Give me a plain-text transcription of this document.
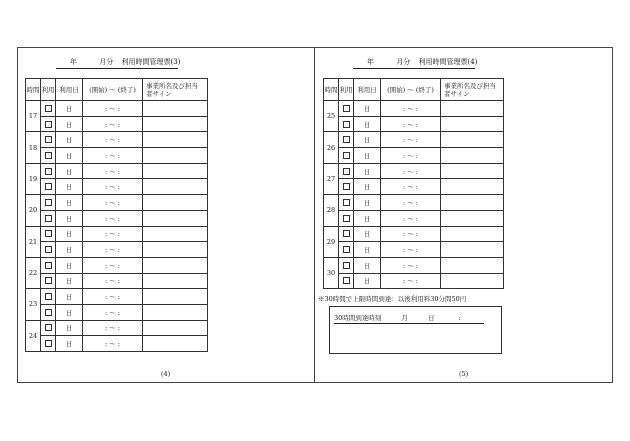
年	月分 利用時間管理票(3)
時間	利用	利用日	(開始) ～ (終了)	事業所名及び担当者サイン

17		日	: ～ :	
		日	: ～ :	
18		日	: ～ :	
		日	: ～ :	
19		日	: ～ :	
		日	: ～ :	
20		日	: ～ :	
		日	: ～ :	
21		日	: ～ :	
		日	: ～ :	
22		日	: ～ :	
		日	: ～ :	
23		日	: ～ :	
		日	: ～ :	
24		日	: ～ :	
		日	: ～ :	
(4)
年	月分 利用時間管理票(4)
時間	利用	利用日	(開始) ～ (終了)	事業所名及び担当者サイン

25		日	: ～ :	
		日	: ～ :	
26		日	: ～ :	
		日	: ～ :	
27		日	: ～ :	
		日	: ～ :	
28		日	: ～ :	
		日	: ～ :	
29		日	: ～ :	
		日	: ～ :	
30		日	: ～ :	
		日	: ～ :	
※30時間で上限時間到達：以後利用料30分間50円
30時間到達時刻	月	日	:
(5)
